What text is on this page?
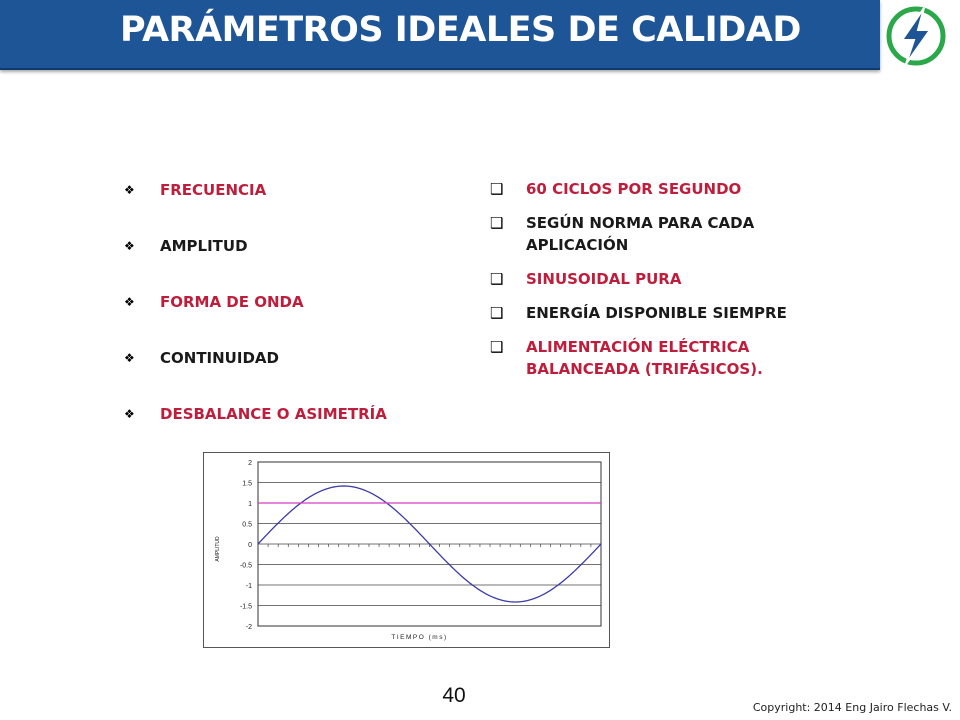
PARÁMETROS IDEALES DE CALIDAD
❖	FRECUENCIA
❖	AMPLITUD
❖	FORMA DE ONDA
❖	CONTINUIDAD
❖	DESBALANCE O ASIMETRÍA
❑	60 CICLOS POR SEGUNDO
❑	SEGÚN NORMA PARA CADA APLICACIÓN
❑	SINUSOIDAL PURA
❑	ENERGÍA DISPONIBLE SIEMPRE
❑	ALIMENTACIÓN ELÉCTRICA BALANCEADA (TRIFÁSICOS).
2
1.5
1
0.5
0
-0.5
-1
-1.5
-2
TIEMPO (ms)
AMPLITUD
40
Copyright: 2014 Eng Jairo Flechas V.
